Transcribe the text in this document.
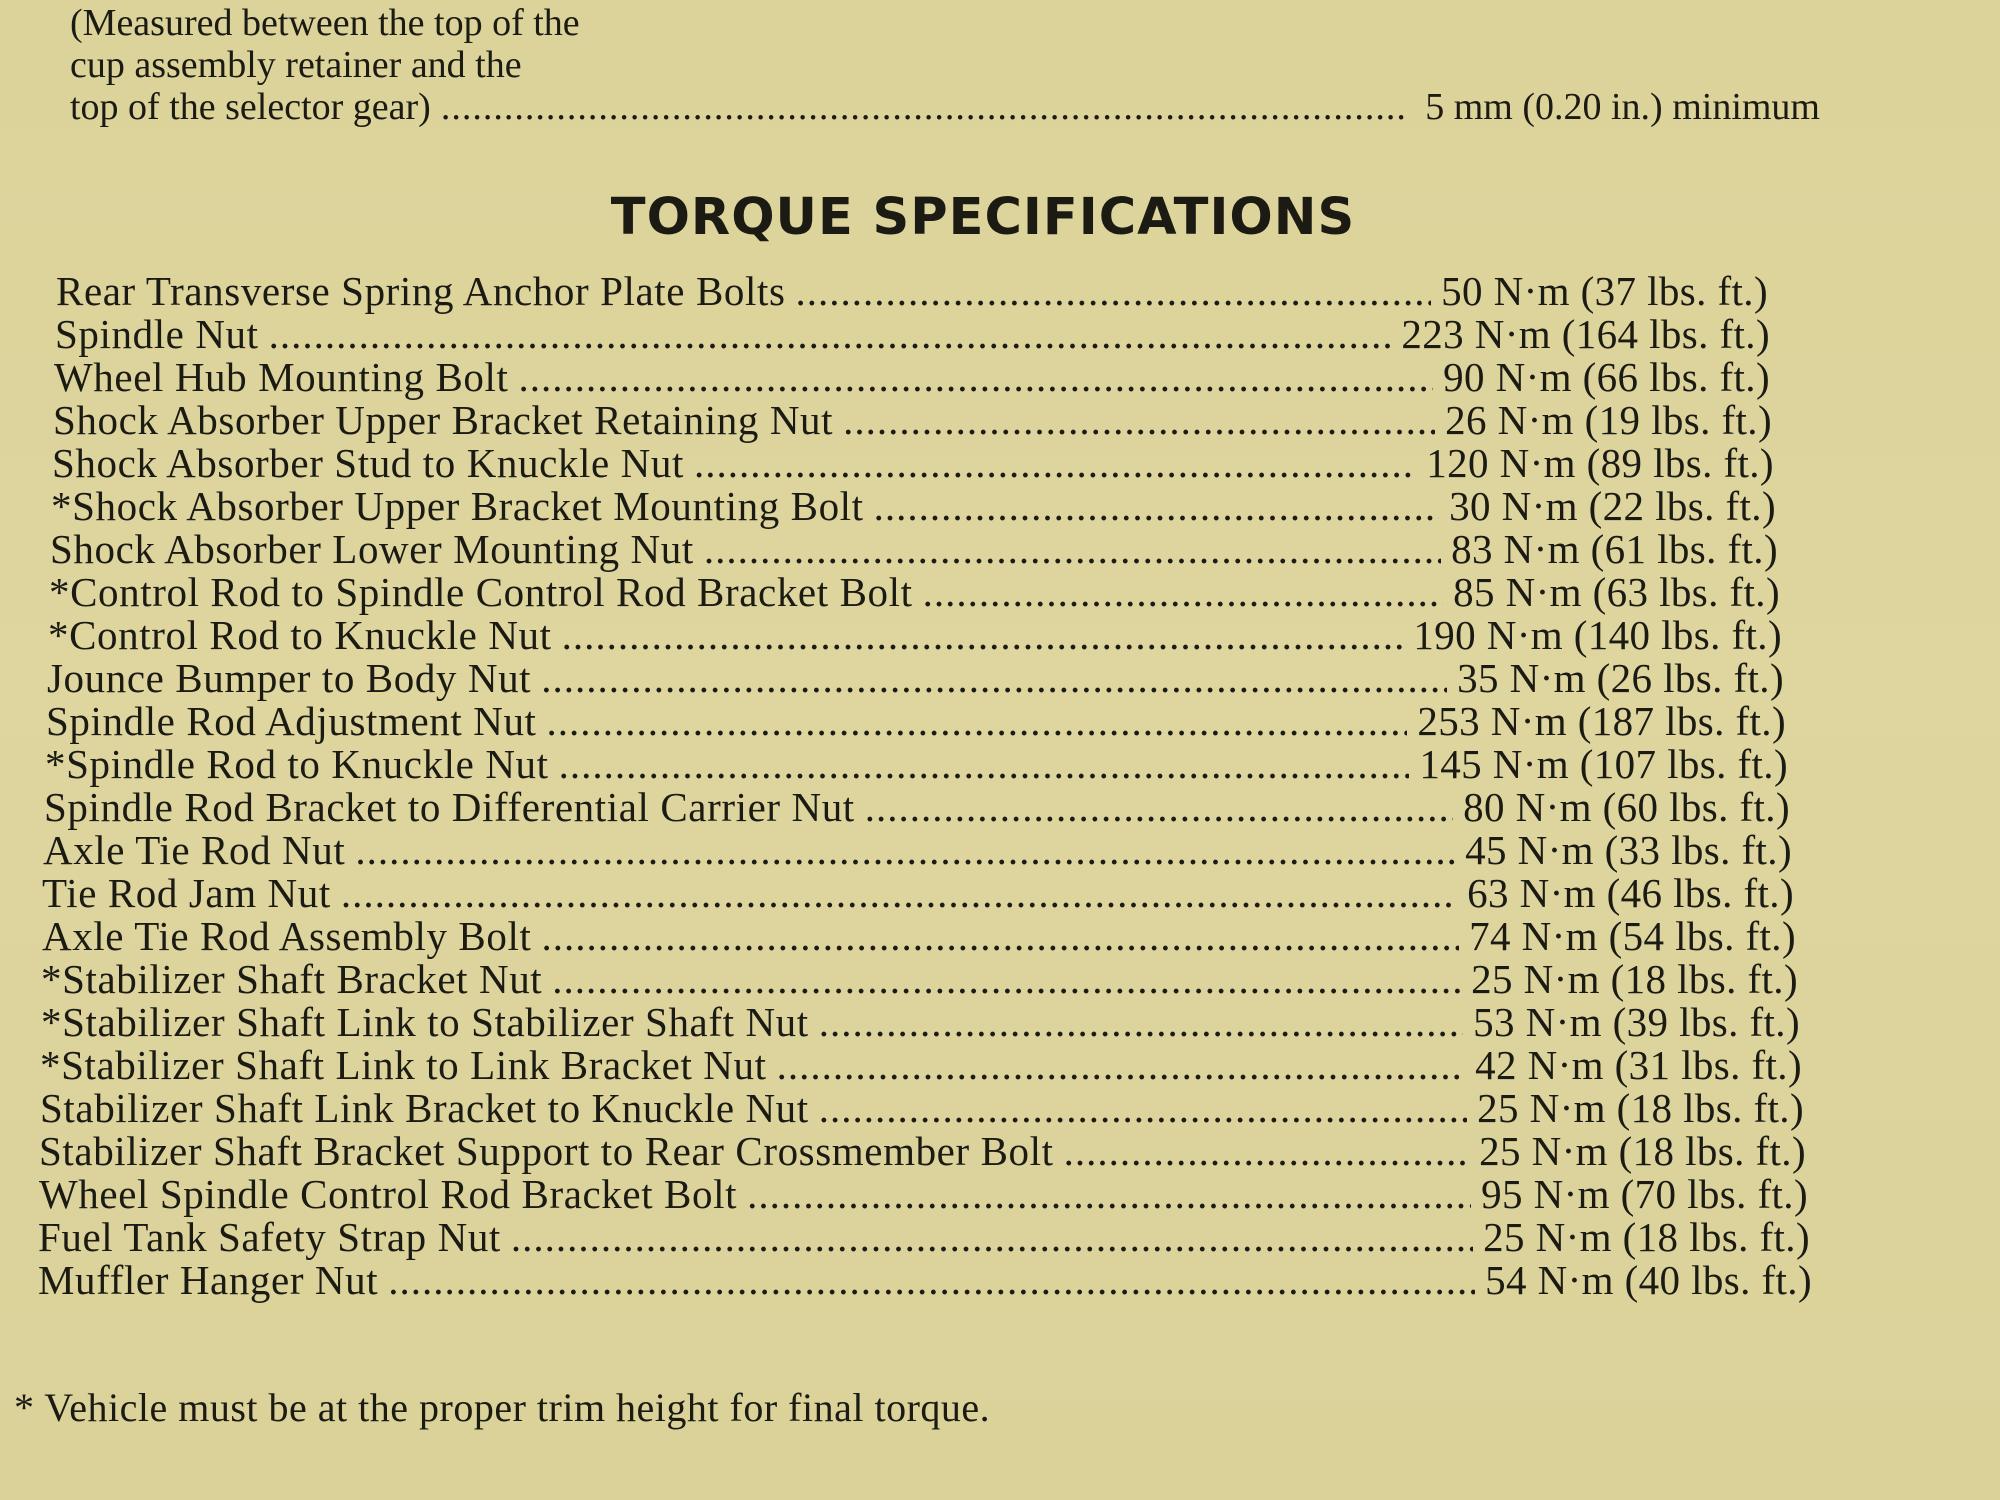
(Measured between the top of the
cup assembly retainer and the
top of the selector gear) .....	5 mm (0.20 in.) minimum
TORQUE SPECIFICATIONS
Rear Transverse Spring Anchor Plate Bolts .....	50 N·m (37 lbs. ft.)
Spindle Nut .....	223 N·m (164 lbs. ft.)
Wheel Hub Mounting Bolt .....	90 N·m (66 lbs. ft.)
Shock Absorber Upper Bracket Retaining Nut .....	26 N·m (19 lbs. ft.)
Shock Absorber Stud to Knuckle Nut .....	120 N·m (89 lbs. ft.)
*Shock Absorber Upper Bracket Mounting Bolt .....	30 N·m (22 lbs. ft.)
Shock Absorber Lower Mounting Nut .....	83 N·m (61 lbs. ft.)
*Control Rod to Spindle Control Rod Bracket Bolt .....	85 N·m (63 lbs. ft.)
*Control Rod to Knuckle Nut .....	190 N·m (140 lbs. ft.)
Jounce Bumper to Body Nut .....	35 N·m (26 lbs. ft.)
Spindle Rod Adjustment Nut .....	253 N·m (187 lbs. ft.)
*Spindle Rod to Knuckle Nut .....	145 N·m (107 lbs. ft.)
Spindle Rod Bracket to Differential Carrier Nut .....	80 N·m (60 lbs. ft.)
Axle Tie Rod Nut .....	45 N·m (33 lbs. ft.)
Tie Rod Jam Nut .....	63 N·m (46 lbs. ft.)
Axle Tie Rod Assembly Bolt .....	74 N·m (54 lbs. ft.)
*Stabilizer Shaft Bracket Nut .....	25 N·m (18 lbs. ft.)
*Stabilizer Shaft Link to Stabilizer Shaft Nut .....	53 N·m (39 lbs. ft.)
*Stabilizer Shaft Link to Link Bracket Nut .....	42 N·m (31 lbs. ft.)
Stabilizer Shaft Link Bracket to Knuckle Nut .....	25 N·m (18 lbs. ft.)
Stabilizer Shaft Bracket Support to Rear Crossmember Bolt .....	25 N·m (18 lbs. ft.)
Wheel Spindle Control Rod Bracket Bolt .....	95 N·m (70 lbs. ft.)
Fuel Tank Safety Strap Nut .....	25 N·m (18 lbs. ft.)
Muffler Hanger Nut .....	54 N·m (40 lbs. ft.)
* Vehicle must be at the proper trim height for final torque.
